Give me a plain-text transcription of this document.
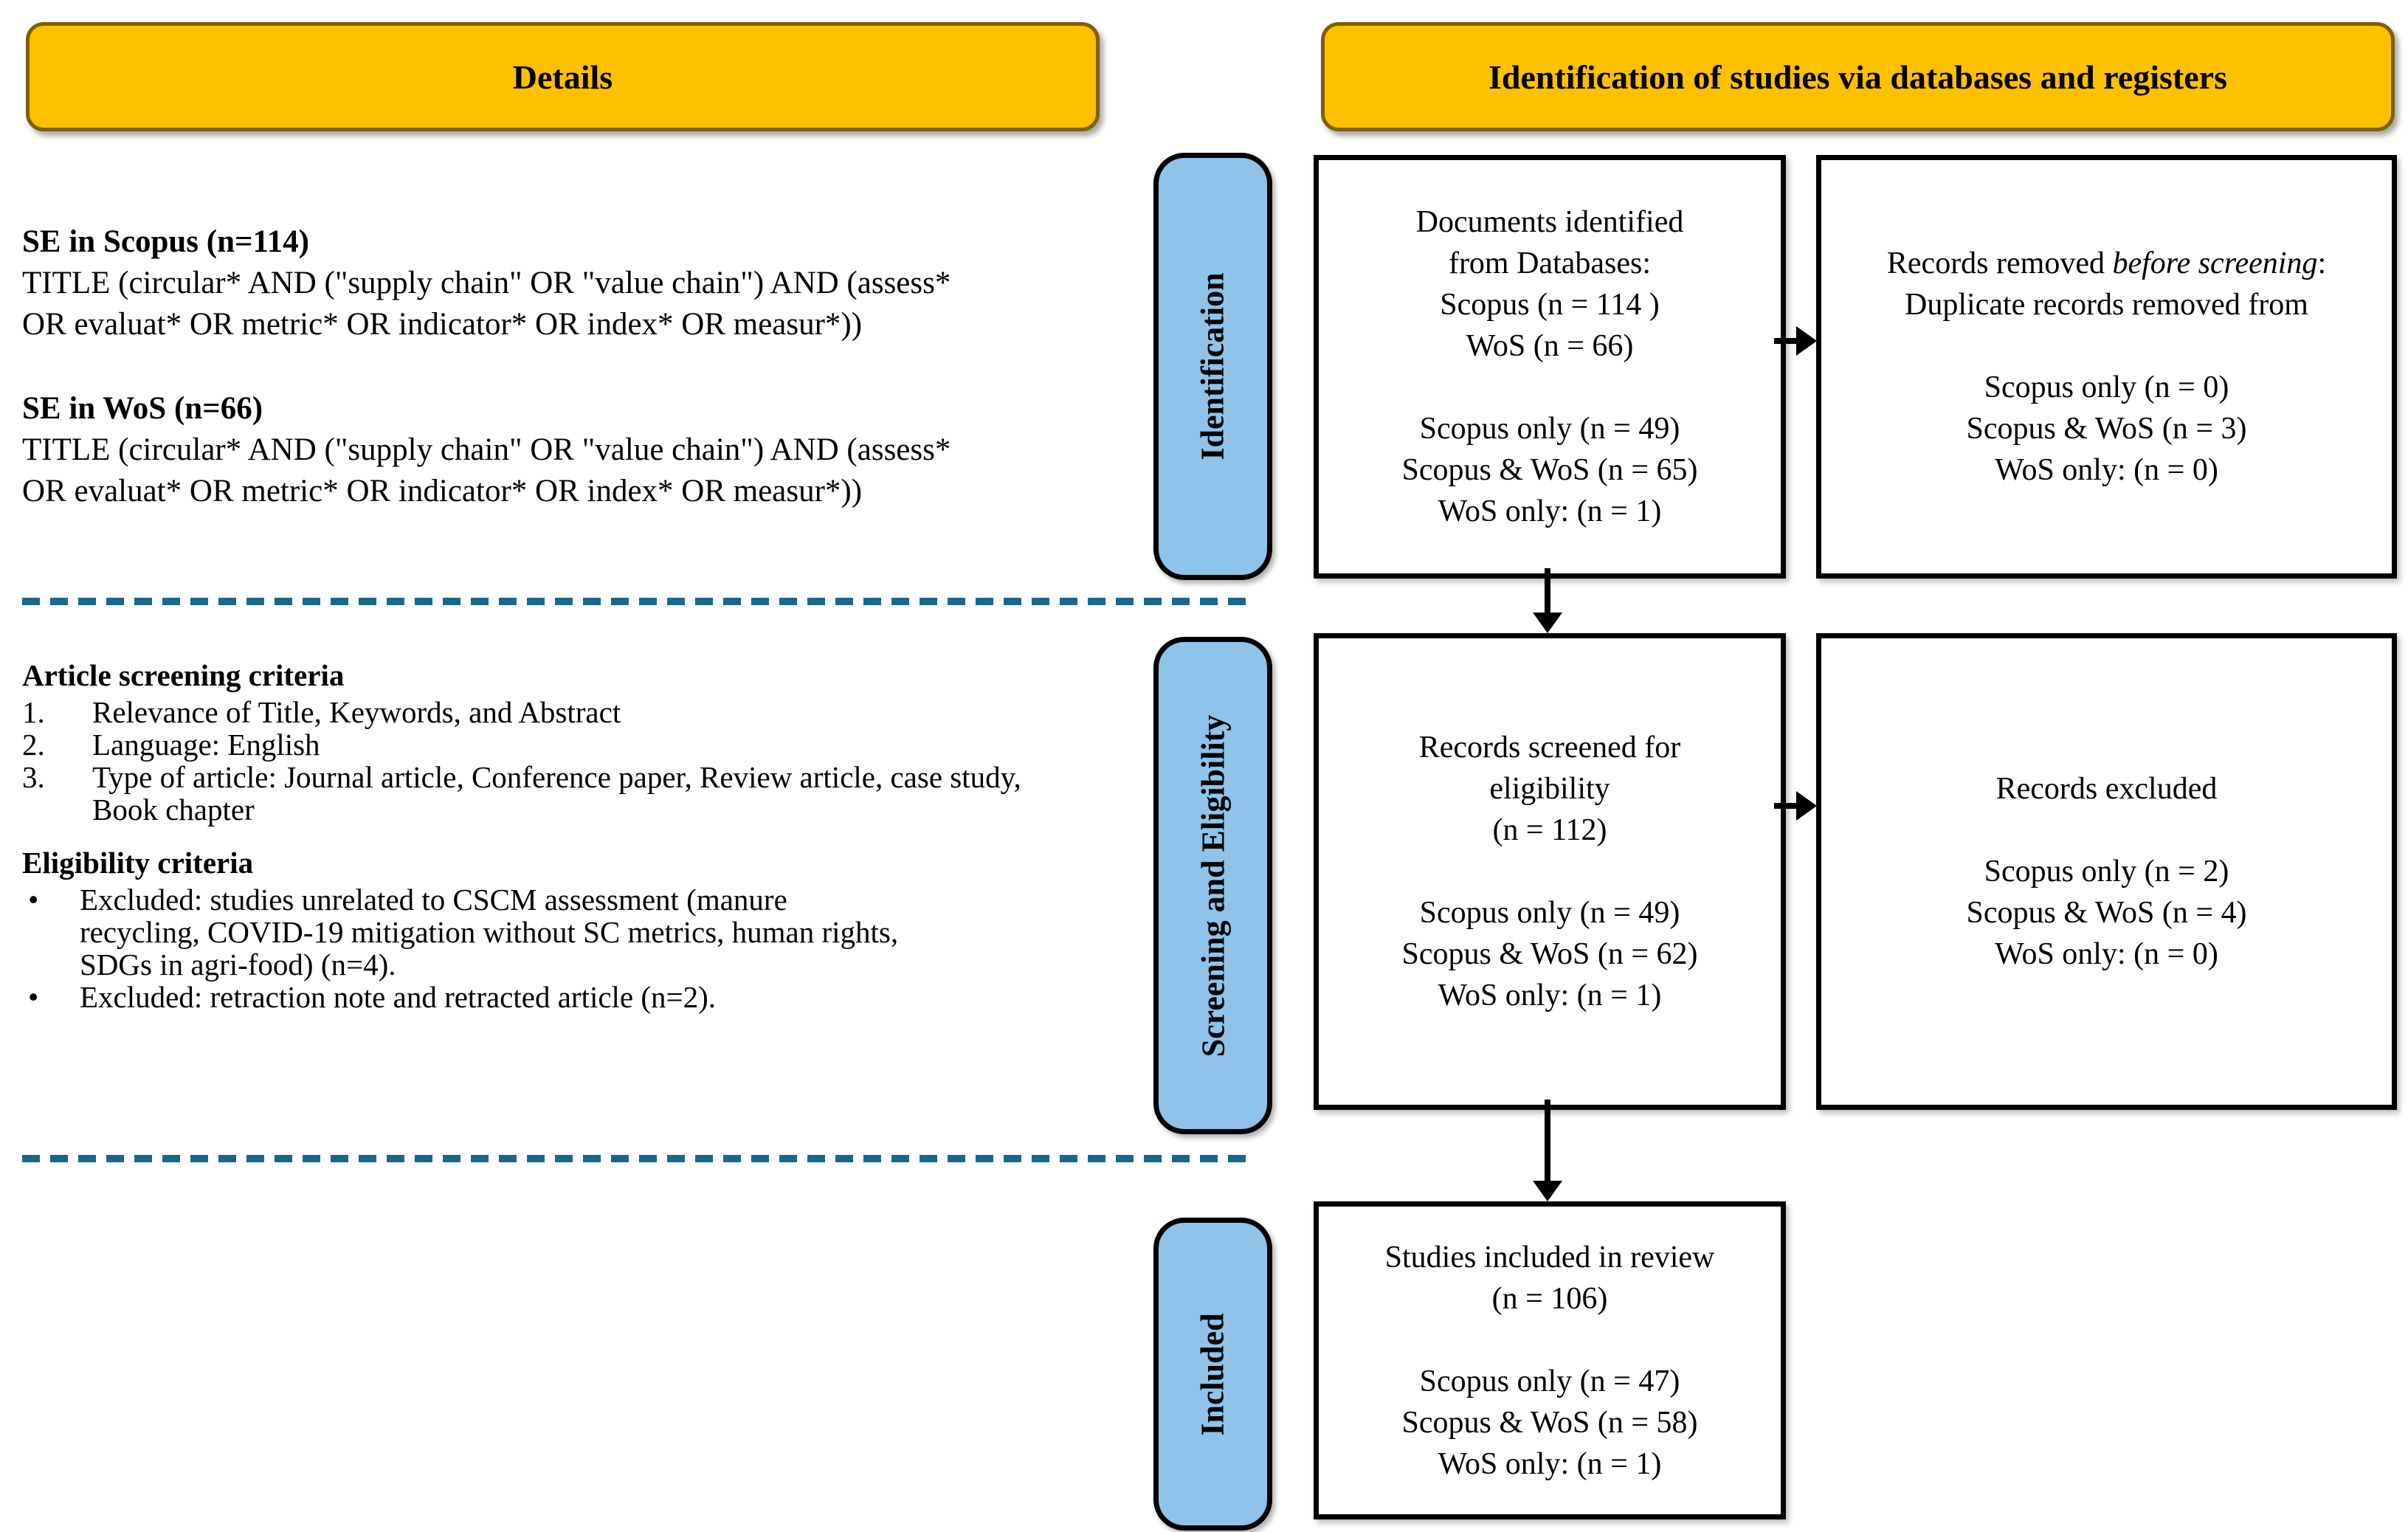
Details	Identification of studies via databases and registers
SE in Scopus (n=114)
TITLE (circular* AND ("supply chain" OR "value chain") AND (assess*
OR evaluat* OR metric* OR indicator* OR index* OR measur*))
SE in WoS (n=66)
TITLE (circular* AND ("supply chain" OR "value chain") AND (assess*
OR evaluat* OR metric* OR indicator* OR index* OR measur*))
Article screening criteria
1.	Relevance of Title, Keywords, and Abstract
2.	Language: English
3.	Type of article: Journal article, Conference paper, Review article, case study, Book chapter
Eligibility criteria
•	Excluded: studies unrelated to CSCM assessment (manure recycling, COVID-19 mitigation without SC metrics, human rights, SDGs in agri-food) (n=4).
•	Excluded: retraction note and retracted article (n=2).
Identification
Screening and Eligibility
Included
Documents identified
from Databases:
Scopus (n = 114 )
WoS (n = 66)
Scopus only (n = 49)
Scopus & WoS (n = 65)
WoS only: (n = 1)
Records removed before screening:
Duplicate records removed from
Scopus only (n = 0)
Scopus & WoS (n = 3)
WoS only: (n = 0)
Records screened for
eligibility
(n = 112)
Scopus only (n = 49)
Scopus & WoS (n = 62)
WoS only: (n = 1)
Records excluded
Scopus only (n = 2)
Scopus & WoS (n = 4)
WoS only: (n = 0)
Studies included in review
(n = 106)
Scopus only (n = 47)
Scopus & WoS (n = 58)
WoS only: (n = 1)
